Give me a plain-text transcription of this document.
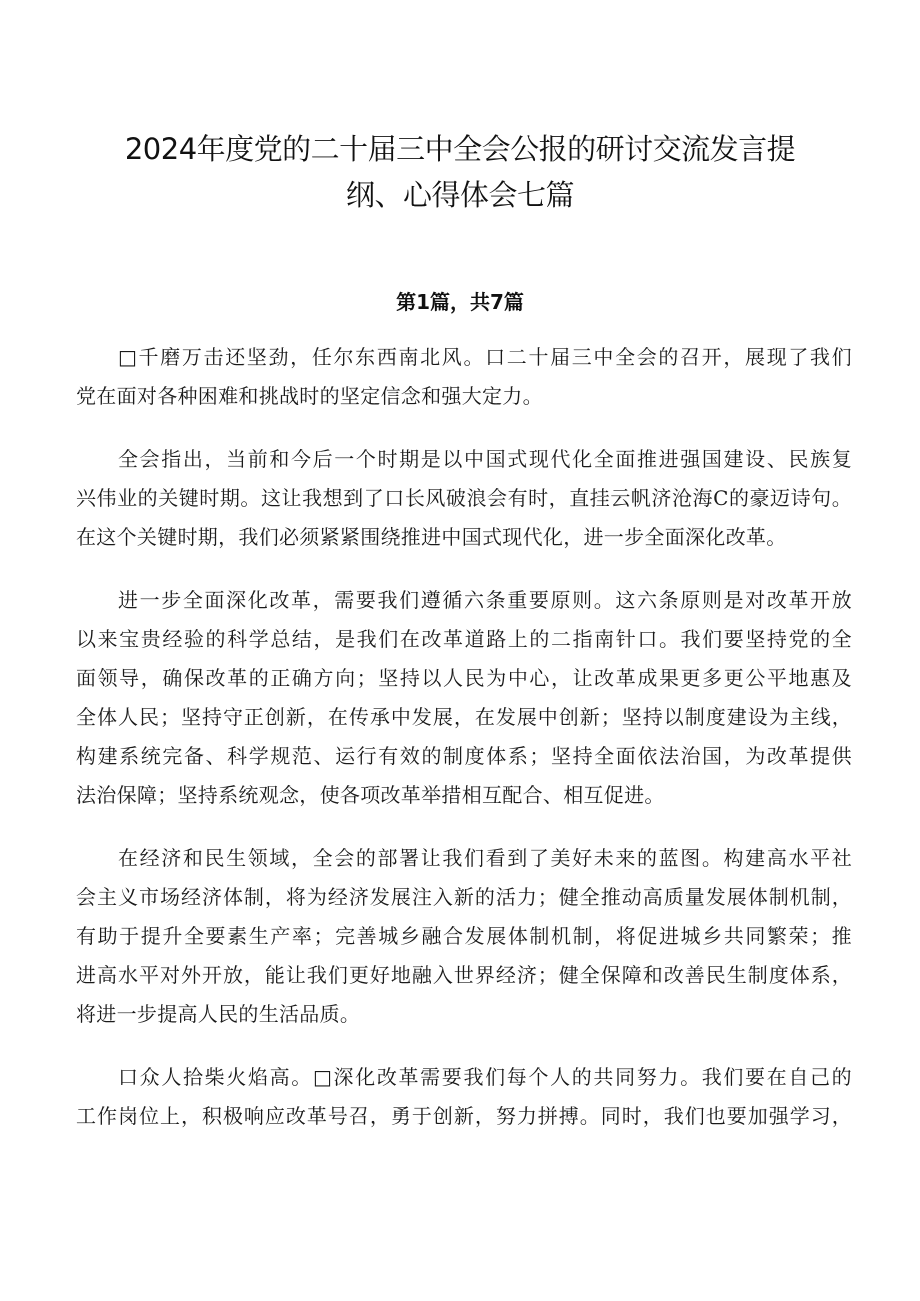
2024年度党的二十届三中全会公报的研讨交流发言提
纲、心得体会七篇
第1篇，共7篇

□千磨万击还坚劲，任尔东西南北风。口二十届三中全会的召开，展现了我们
党在面对各种困难和挑战时的坚定信念和强大定力。

全会指出，当前和今后一个时期是以中国式现代化全面推进强国建设、民族复
兴伟业的关键时期。这让我想到了口长风破浪会有时，直挂云帆济沧海C的豪迈诗句。
在这个关键时期，我们必须紧紧围绕推进中国式现代化，进一步全面深化改革。

进一步全面深化改革，需要我们遵循六条重要原则。这六条原则是对改革开放
以来宝贵经验的科学总结，是我们在改革道路上的二指南针口。我们要坚持党的全
面领导，确保改革的正确方向；坚持以人民为中心，让改革成果更多更公平地惠及
全体人民；坚持守正创新，在传承中发展，在发展中创新；坚持以制度建设为主线，
构建系统完备、科学规范、运行有效的制度体系；坚持全面依法治国，为改革提供
法治保障；坚持系统观念，使各项改革举措相互配合、相互促进。

在经济和民生领域，全会的部署让我们看到了美好未来的蓝图。构建高水平社
会主义市场经济体制，将为经济发展注入新的活力；健全推动高质量发展体制机制，
有助于提升全要素生产率；完善城乡融合发展体制机制，将促进城乡共同繁荣；推
进高水平对外开放，能让我们更好地融入世界经济；健全保障和改善民生制度体系，
将进一步提高人民的生活品质。

口众人拾柴火焰高。□深化改革需要我们每个人的共同努力。我们要在自己的
工作岗位上，积极响应改革号召，勇于创新，努力拼搏。同时，我们也要加强学习，
